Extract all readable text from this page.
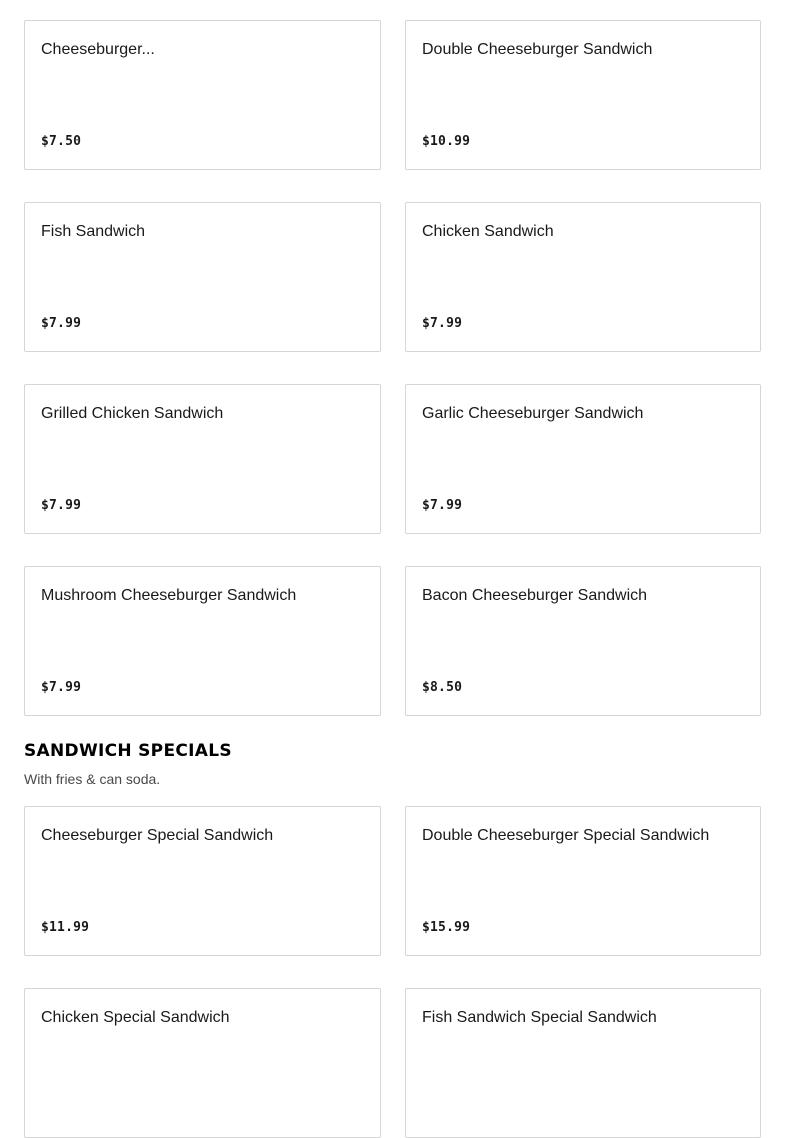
Cheeseburger...
$7.50
Double Cheeseburger Sandwich
$10.99
Fish Sandwich
$7.99
Chicken Sandwich
$7.99
Grilled Chicken Sandwich
$7.99
Garlic Cheeseburger Sandwich
$7.99
Mushroom Cheeseburger Sandwich
$7.99
Bacon Cheeseburger Sandwich
$8.50
SANDWICH SPECIALS

With fries & can soda.

Cheeseburger Special Sandwich
$11.99
Double Cheeseburger Special Sandwich
$15.99
Chicken Special Sandwich	Fish Sandwich Special Sandwich
